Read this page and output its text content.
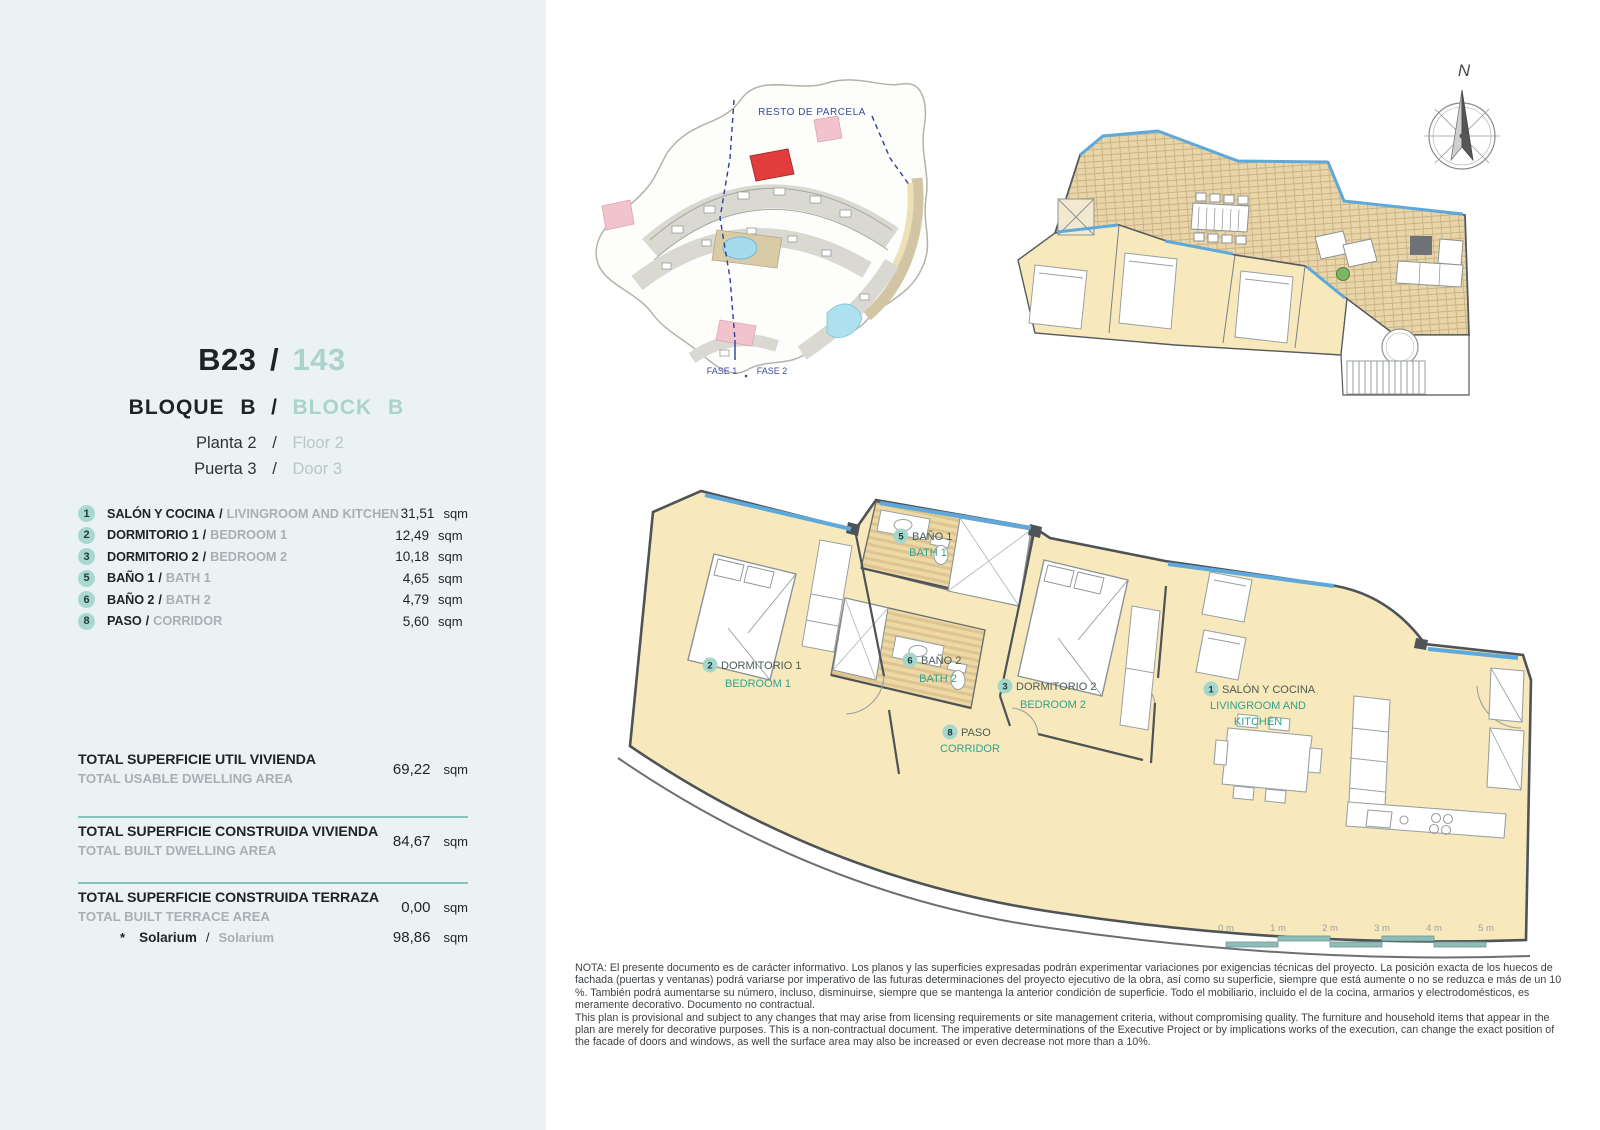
B23 / 143
BLOQUE B / BLOCK B
Planta 2 / Floor 2
Puerta 3 / Door 3
1	SALÓN Y COCINA / LIVINGROOM AND KITCHEN 31,51 sqm
2	DORMITORIO 1 / BEDROOM 1	12,49 sqm
3	DORMITORIO 2 / BEDROOM 2	10,18 sqm
5	BAÑO 1 / BATH 1	4,65 sqm
6	BAÑO 2 / BATH 2	4,79 sqm
8	PASO / CORRIDOR	5,60 sqm
TOTAL SUPERFICIE UTIL VIVIENDA
TOTAL USABLE DWELLING AREA
69,22 sqm
TOTAL SUPERFICIE CONSTRUIDA VIVIENDA
TOTAL BUILT DWELLING AREA
84,67 sqm
TOTAL SUPERFICIE CONSTRUIDA TERRAZA
TOTAL BUILT TERRACE AREA
0,00 sqm
* Solarium / Solarium	98,86 sqm
RESTO DE PARCELA
FASE 1 FASE 2
N
5 BAÑO 1
BATH 1
6 BAÑO 2
BATH 2
2 DORMITORIO 1
BEDROOM 1	3 DORMITORIO 2
BEDROOM 2
8 PASO
CORRIDOR
1 SALÓN Y COCINA
LIVINGROOM AND
KITCHEN
0 m	1 m	2 m	3 m	4 m	5 m

NOTA: El presente documento es de carácter informativo. Los planos y las superficies expresadas podrán experimentar variaciones por exigencias técnicas del proyecto. La posición exacta de los huecos de fachada (puertas y ventanas) podrá variarse por imperativo de las futuras determinaciones del proyecto ejecutivo de la obra, así como su superficie, siempre que está aumente o no se reduzca e más de un 10 %. También podrá aumentarse su número, incluso, disminuirse, siempre que se mantenga la anterior condición de superficie. Todo el mobiliario, incluido el de la cocina, armarios y electrodomésticos, es meramente decorativo. Documento no contractual.

This plan is provisional and subject to any changes that may arise from licensing requirements or site management criteria, without compromising quality. The furniture and household items that appear in the plan are merely for decorative purposes. This is a non-contractual document. The imperative determinations of the Executive Project or by implications works of the execution, can change the exact position of the facade of doors and windows, as well the surface area may also be increased or even decrease not more than a 10%.
